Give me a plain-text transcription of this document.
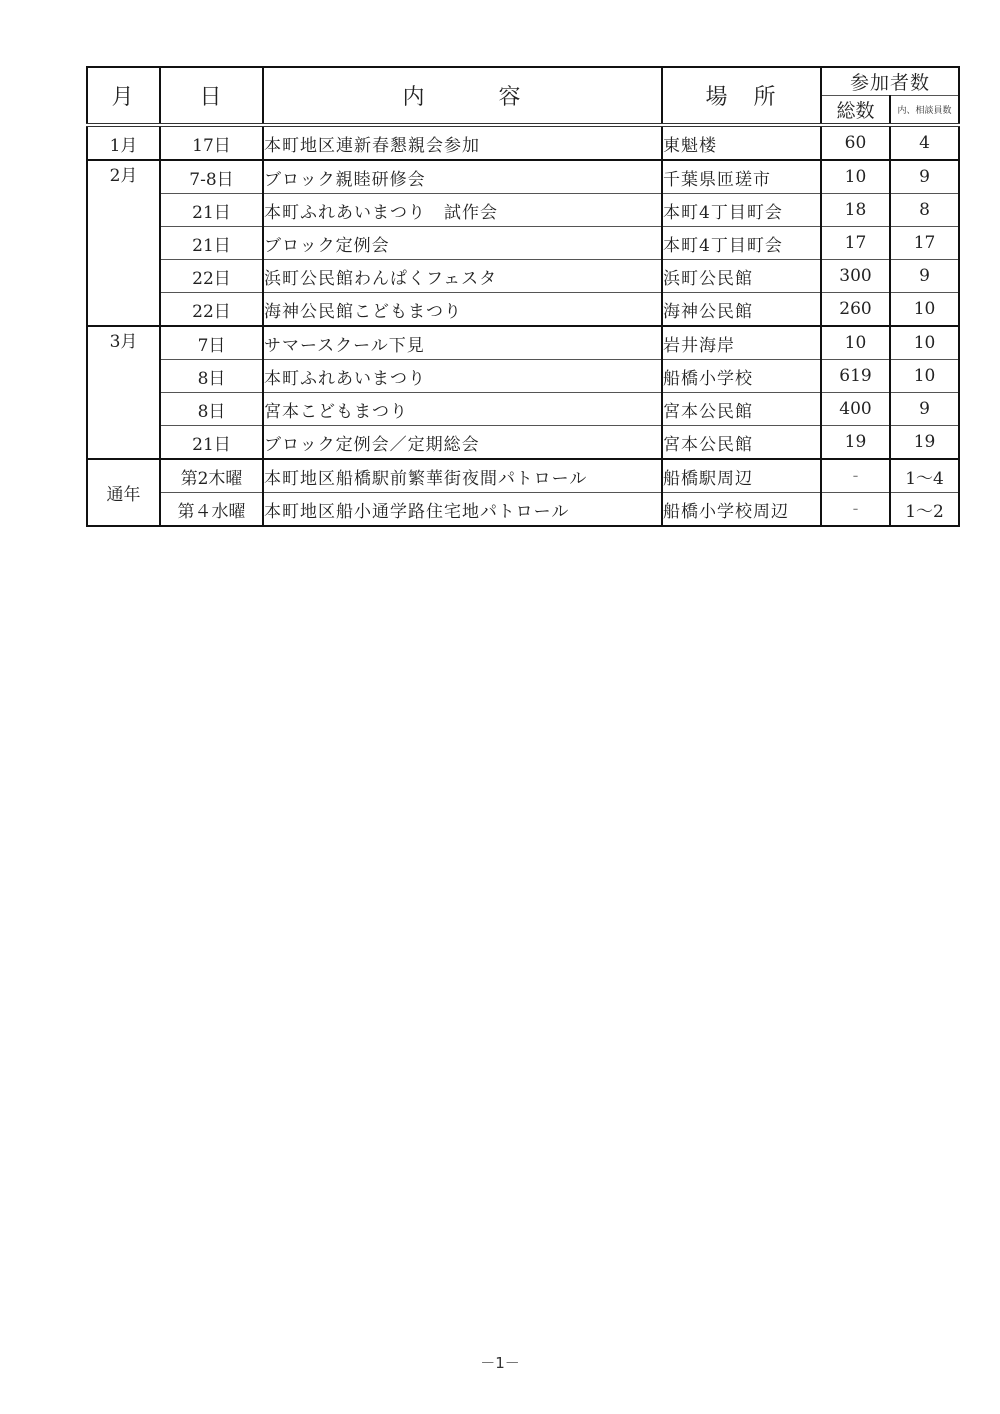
月	日	内　　　容	場　所	参加者数	
				総数	内、相談員数
1月	17日	本町地区連新春懇親会参加	東魁楼	60	4
2月	7-8日	ブロック親睦研修会	千葉県匝瑳市	10	9
	21日	本町ふれあいまつり　試作会	本町4丁目町会	18	8
	21日	ブロック定例会	本町4丁目町会	17	17
	22日	浜町公民館わんぱくフェスタ	浜町公民館	300	9
	22日	海神公民館こどもまつり	海神公民館	260	10
3月	7日	サマースクール下見	岩井海岸	10	10
	8日	本町ふれあいまつり	船橋小学校	619	10
	8日	宮本こどもまつり	宮本公民館	400	9
	21日	ブロック定例会／定期総会	宮本公民館	19	19
通年	第2木曜	本町地区船橋駅前繁華街夜間パトロール	船橋駅周辺	-	1〜4
	第４水曜	本町地区船小通学路住宅地パトロール	船橋小学校周辺	-	1〜2
－1－
